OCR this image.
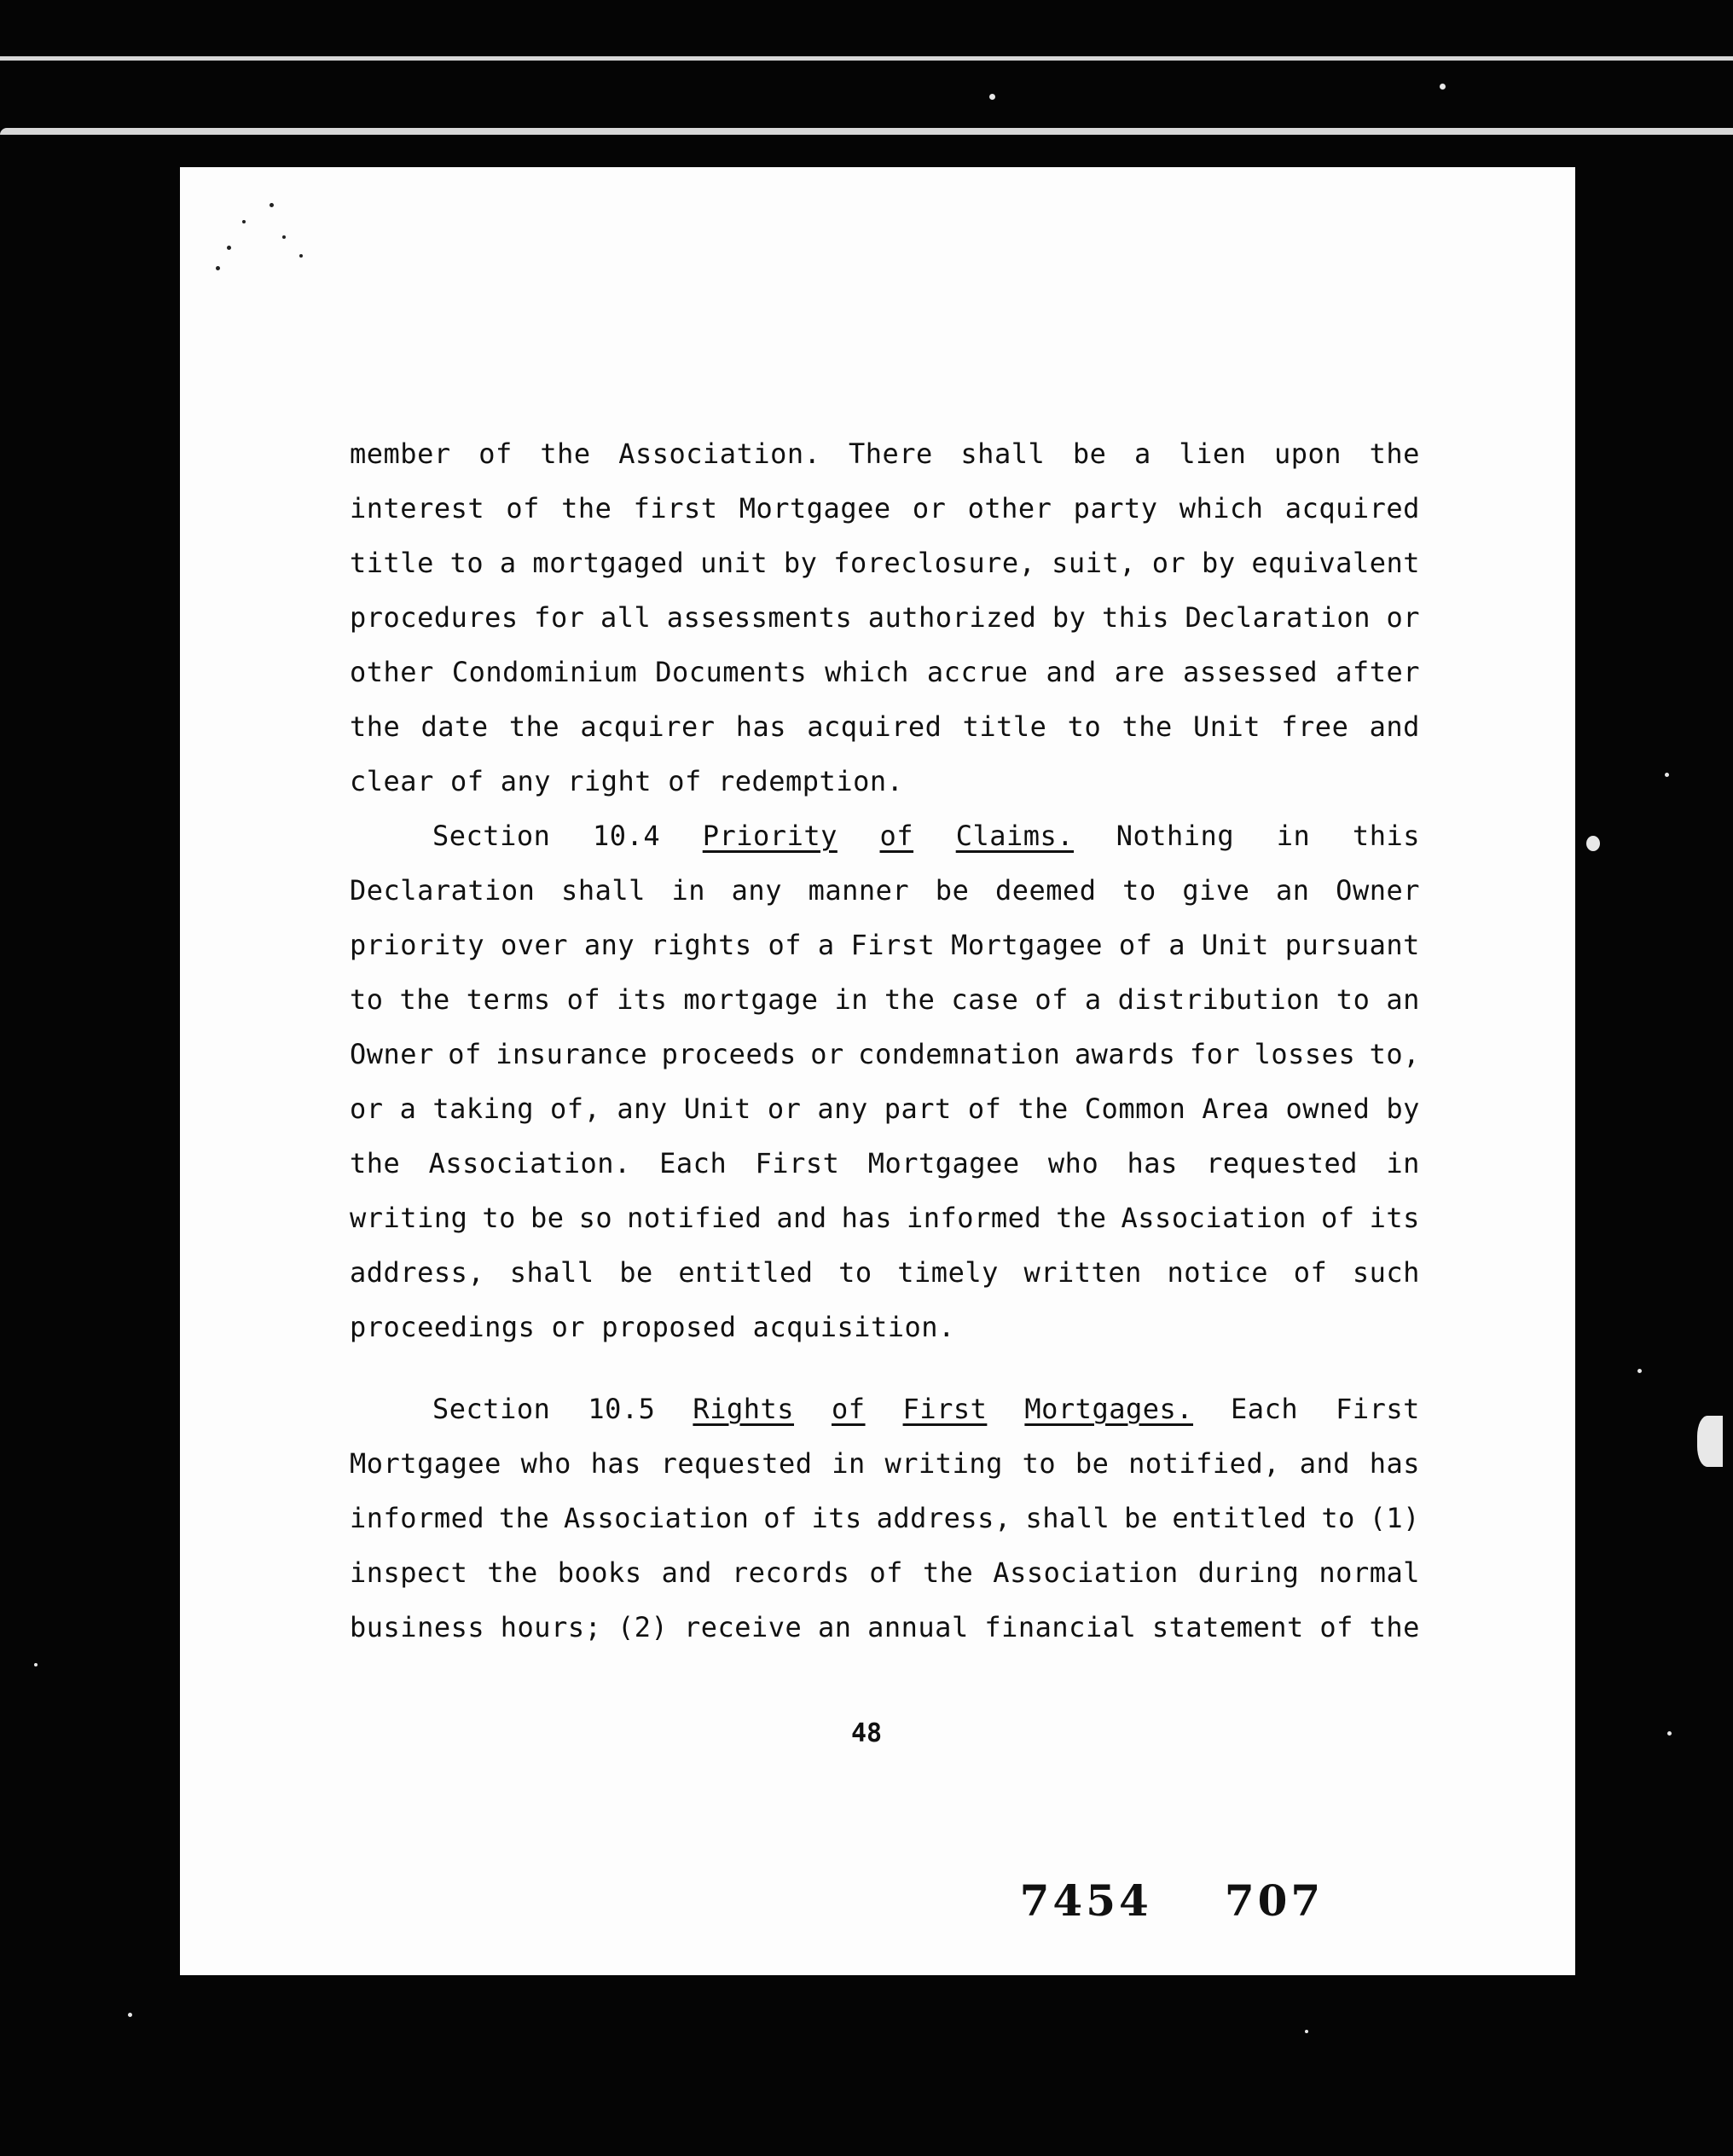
member of the Association. There shall be a lien upon the
interest of the first Mortgagee or other party which acquired
title to a mortgaged unit by foreclosure, suit, or by equivalent
procedures for all assessments authorized by this Declaration or
other Condominium Documents which accrue and are assessed after
the date the acquirer has acquired title to the Unit free and
clear of any right of redemption.
Section 10.4 Priority of Claims. Nothing in this
Declaration shall in any manner be deemed to give an Owner
priority over any rights of a First Mortgagee of a Unit pursuant
to the terms of its mortgage in the case of a distribution to an
Owner of insurance proceeds or condemnation awards for losses to,
or a taking of, any Unit or any part of the Common Area owned by
the Association. Each First Mortgagee who has requested in
writing to be so notified and has informed the Association of its
address, shall be entitled to timely written notice of such
proceedings or proposed acquisition.
Section 10.5 Rights of First Mortgages. Each First
Mortgagee who has requested in writing to be notified, and has
informed the Association of its address, shall be entitled to (1)
inspect the books and records of the Association during normal
business hours; (2) receive an annual financial statement of the
48

7454 707
